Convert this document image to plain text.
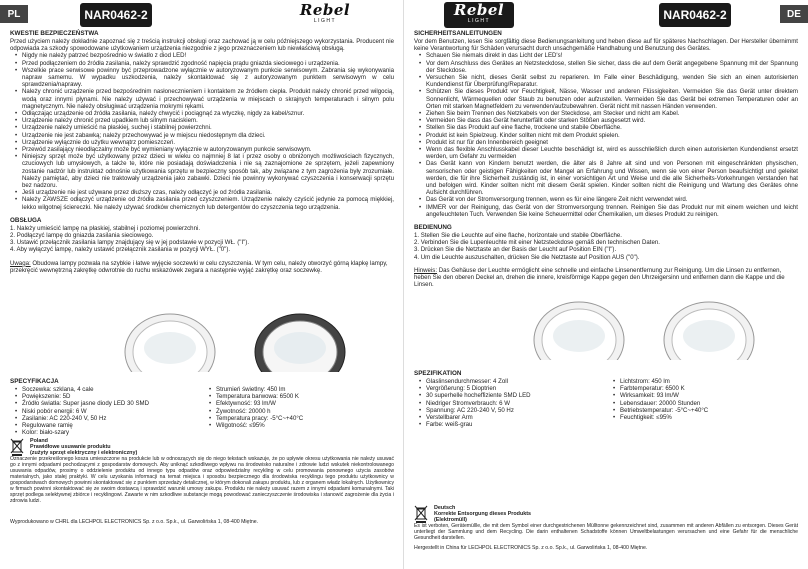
PL	NAR0462-2	Rebel
LIGHT
KWESTIE BEZPIECZEŃSTWA

Przed użyciem należy dokładnie zapoznać się z treścią instrukcji obsługi oraz zachować ją w celu późniejszego wykorzystania. Producent nie odpowiada za szkody spowodowane użytkowaniem urządzenia niezgodnie z jego przeznaczeniem lub niewłaściwą obsługą.

• Nigdy nie należy patrzeć bezpośrednio w światło z diod LED!
• Przed podłączeniem do źródła zasilania, należy sprawdzić zgodność napięcia prądu gniazda sieciowego i urządzenia.
• Wszelkie prace serwisowe powinny być przeprowadzone wyłącznie w autoryzowanym punkcie serwisowym. Zabrania się wykonywania napraw samemu. W wypadku uszkodzenia, należy skontaktować się z autoryzowanym punktem serwisowym w celu sprawdzenia/naprawy.
• Należy chronić urządzenie przed bezpośrednim nasłonecznieniem i kontaktem ze źródłem ciepła. Produkt należy chronić przed wilgocią, wodą oraz innymi płynami. Nie należy używać i przechowywać urządzenia w miejscach o skrajnych temperaturach i silnym polu magnetycznym. Nie należy obsługiwać urządzenia mokrymi rękami.
• Odłączając urządzenie od źródła zasilania, należy chwycić i pociągnąć za wtyczkę, nigdy za kabel/sznur.
• Urządzenie należy chronić przed upadkiem lub silnym naciskiem.
• Urządzenie należy umieścić na płaskiej, suchej i stabilnej powierzchni.
• Urządzenie nie jest zabawką; należy przechowywać je w miejscu niedostępnym dla dzieci.
• Urządzenie wyłącznie do użytku wewnątrz pomieszczeń.
• Przewód zasilający nieodłączalny może być wymieniany wyłącznie w autoryzowanym punkcie serwisowym.
• Niniejszy sprzęt może być użytkowany przez dzieci w wieku co najmniej 8 lat i przez osoby o obniżonych możliwościach fizycznych, czuciowych lub umysłowych, a także te, które nie posiadają doświadczenia i nie są zaznajomione ze sprzętem, jeżeli zapewniony zostanie nadzór lub instruktaż odnośnie użytkowania sprzętu w bezpieczny sposób tak, aby związane z tym zagrożenia były zrozumiałe. Należy pamiętać, aby dzieci nie traktowały urządzenia jako zabawki. Dzieci nie powinny wykonywać czyszczenia i konserwacji sprzętu bez nadzoru.
• Jeśli urządzenie nie jest używane przez dłuższy czas, należy odłączyć je od źródła zasilania.
• Należy ZAWSZE odłączyć urządzenie od źródła zasilania przed czyszczeniem. Urządzenie należy czyścić jedynie za pomocą miękkiej, lekko wilgotnej ściereczki. Nie należy używać środków chemicznych lub detergentów do czyszczenia tego urządzenia.
OBSŁUGA
1. Należy umieścić lampę na płaskiej, stabilnej i poziomej powierzchni.
2. Podłączyć lampę do gniazda zasilania sieciowego.
3. Ustawić przełącznik zasilania lampy znajdujący się w jej podstawie w pozycji WŁ. ("I").
4. Aby wyłączyć lampę, należy ustawić przełącznik zasilania w pozycji WYŁ. ("0").

Uwaga: Obudowa lampy pozwala na szybkie i łatwe wyjęcie soczewki w celu czyszczenia. W tym celu, należy otworzyć górną klapkę lampy, przekręcić wewnętrzną zakrętkę odwrotnie do ruchu wskazówek zegara a następnie wyjąć zakrętkę oraz soczewkę.

SPECYFIKACJA
• Soczewka: szklana, 4 cale
• Powiększenie: 5D
• Źródło światła: Super jasne diody LED 30 SMD
• Niski pobór energii: 6 W
• Zasilanie: AC 220-240 V, 50 Hz
• Regulowane ramię
• Kolor: biało-szary
• Strumień świetlny: 450 lm
• Temperatura barwowa: 6500 K
• Efektywność: 93 lm/W
• Żywotność: 20000 h
• Temperatura pracy: -5°C~+40°C
• Wilgotność: ≤95%
Poland
Prawidłowe usuwanie produktu
(zużyty sprzęt elektryczny i elektroniczny)

Oznaczenie przekreślonego kosza umieszczone na produkcie lub w odnoszących się do niego tekstach wskazuje, że po upływie okresu użytkowania nie należy usuwać go z innymi odpadami pochodzącymi z gospodarstw domowych. Aby uniknąć szkodliwego wpływu na środowisko naturalne i zdrowie ludzi wskutek niekontrolowanego usuwania odpadów, prosimy o oddzielenie produktu od innego typu odpadów oraz odpowiedzialny recykling w celu promowania ponownego użycia zasobów materialnych, jako stałej praktyki. W celu uzyskania informacji na temat miejsca i sposobu bezpiecznego dla środowiska recyklingu tego produktu użytkownicy w gospodarstwach domowych powinni skontaktować się z punktem sprzedaży detalicznej, w którym dokonali zakupu produktu, lub z organem władz lokalnych. Użytkownicy w firmach powinni skontaktować się ze swoim dostawcą i sprawdzić warunki umowy zakupu. Produktu nie należy usuwać razem z innymi odpadami komunalnymi. Taki sprzęt podlega selektywnej zbiórce i recyklingowi. Zawarte w nim szkodliwe substancje mogą powodować zanieczyszczenie środowiska i stanowić zagrożenie dla życia i zdrowia ludzi.

Wyprodukowano w CHRL dla LECHPOL ELECTRONICS Sp. z o.o. Sp.k., ul. Garwolińska 1, 08-400 Miętne.
Rebel
LIGHT	NAR0462-2	DE
SICHERHEITSANLEITUNGEN

Vor dem Benutzen, lesen Sie sorgfältig diese Bedienungsanleitung und heben diese auf für späteres Nachschlagen. Der Hersteller übernimmt keine Verantwortung für Schäden verursacht durch unsachgemäße Handhabung und Benutzung des Gerätes.

• Schauen Sie niemals direkt in das Licht der LED's!
• Vor dem Anschluss des Gerätes an Netzsteckdose, stellen Sie sicher, dass die auf dem Gerät angegebene Spannung mit der Spannung der Steckdose.
• Versuchen Sie nicht, dieses Gerät selbst zu reparieren. Im Falle einer Beschädigung, wenden Sie sich an einen autorisierten Kundendienst für Überprüfung/Reparatur.
• Schützen Sie dieses Produkt vor Feuchtigkeit, Nässe, Wasser und anderen Flüssigkeiten. Vermeiden Sie das Gerät unter direktem Sonnenlicht, Wärmequellen oder Staub zu benutzen oder aufzustellen. Vermeiden Sie das Gerät bei extremen Temperaturen oder an Orten mit starken Magnetfeldern zu verwenden/aufzubewahren. Gerät nicht mit nassen Händen verwenden.
• Ziehen Sie beim Trennen des Netzkabels von der Steckdose, am Stecker und nicht am Kabel.
• Vermeiden Sie dass das Gerät herunterfällt oder starken Stößen ausgesetzt wird.
• Stellen Sie das Produkt auf eine flache, trockene und stabile Oberfläche.
• Produkt ist kein Spielzeug. Kinder sollten nicht mit dem Produkt spielen.
• Produkt ist nur für den Innenbereich geeignet
• Wenn das flexible Anschlusskabel dieser Leuchte beschädigt ist, wird es ausschließlich durch einen autorisierten Kundendienst ersetzt werden, um Gefahr zu vermeiden
• Das Gerät kann von Kindern benutzt werden, die älter als 8 Jahre alt sind und von Personen mit eingeschränkten physischen, sensorischen oder geistigen Fähigkeiten oder Mangel an Erfahrung und Wissen, wenn sie von einer Person beaufsichtigt und geleitet werden, die für ihre Sicherheit zuständig ist, in einer vorsichtigen Art und Weise und die alle Sicherheits-Vorkehrungen verstanden hat und befolgen wird. Kinder sollten nicht mit diesem Gerät spielen. Kinder sollten nicht die Reinigung und Wartung des Gerätes ohne Aufsicht durchführen.
• Das Gerät von der Stromversorgung trennen, wenn es für eine längere Zeit nicht verwendet wird.
• IMMER vor der Reinigung, das Gerät von der Stromversorgung trennen. Reinigen Sie das Produkt nur mit einem weichen und leicht angefeuchteten Tuch. Verwenden Sie keine Scheuermittel oder Chemikalien, um dieses Produkt zu reinigen.
BEDIENUNG
1. Stellen Sie die Leuchte auf eine flache, horizontale und stabile Oberfläche.
2. Verbinden Sie die Lupenleuchte mit einer Netzsteckdose gemäß den technischen Daten.
3. Drücken Sie die Netztaste an der Basis der Leucht auf Position EIN ("I").
4. Um die Leuchte auszuschalten, drücken Sie die Netztaste auf Position AUS ("0").

Hinweis: Das Gehäuse der Leuchte ermöglicht eine schnelle und einfache Linsenentfernung zur Reinigung. Um die Linsen zu entfernen, heben Sie den oberen Deckel an, drehen die innere, kreisförmige Kappe gegen den Uhrzeigersinn und entfernen dann die Kappe und die Linsen.

SPEZIFIKATION
• Glaslinsendurchmesser: 4 Zoll
• Vergrößerung: 5 Dioptrien
• 30 superhelle hocheffiziente SMD LED
• Niedriger Stromverbrauch: 6 W
• Spannung: AC 220-240 V, 50 Hz
• Verstellbarer Arm
• Farbe: weiß-grau
• Lichtstrom: 450 lm
• Farbtemperatur: 6500 K
• Wirksamkeit: 93 lm/W
• Lebensdauer: 20000 Stunden
• Betriebstemperatur: -5°C~+40°C
• Feuchtigkeit: ≤95%
Deutsch
Korrekte Entsorgung dieses Produkts
(Elektromüll)

Es ist verboten, Gerätemüllle, die mit dem Symbol einer durchgestrichenen Mülltonne gekennzeichnet sind, zusammen mit anderen Abfällen zu entsorgen. Dieses Gerät unterliegt der Sammlung und dem Recycling. Die darin enthaltenen Schadstoffe können Umweltbelastungen verursachen und eine Gefahr für die menschliche Gesundheit darstellen.

Hergestellt in China für LECHPOL ELECTRONICS Sp. z o.o. Sp.k., ul. Garwolińska 1, 08-400 Miętne.
